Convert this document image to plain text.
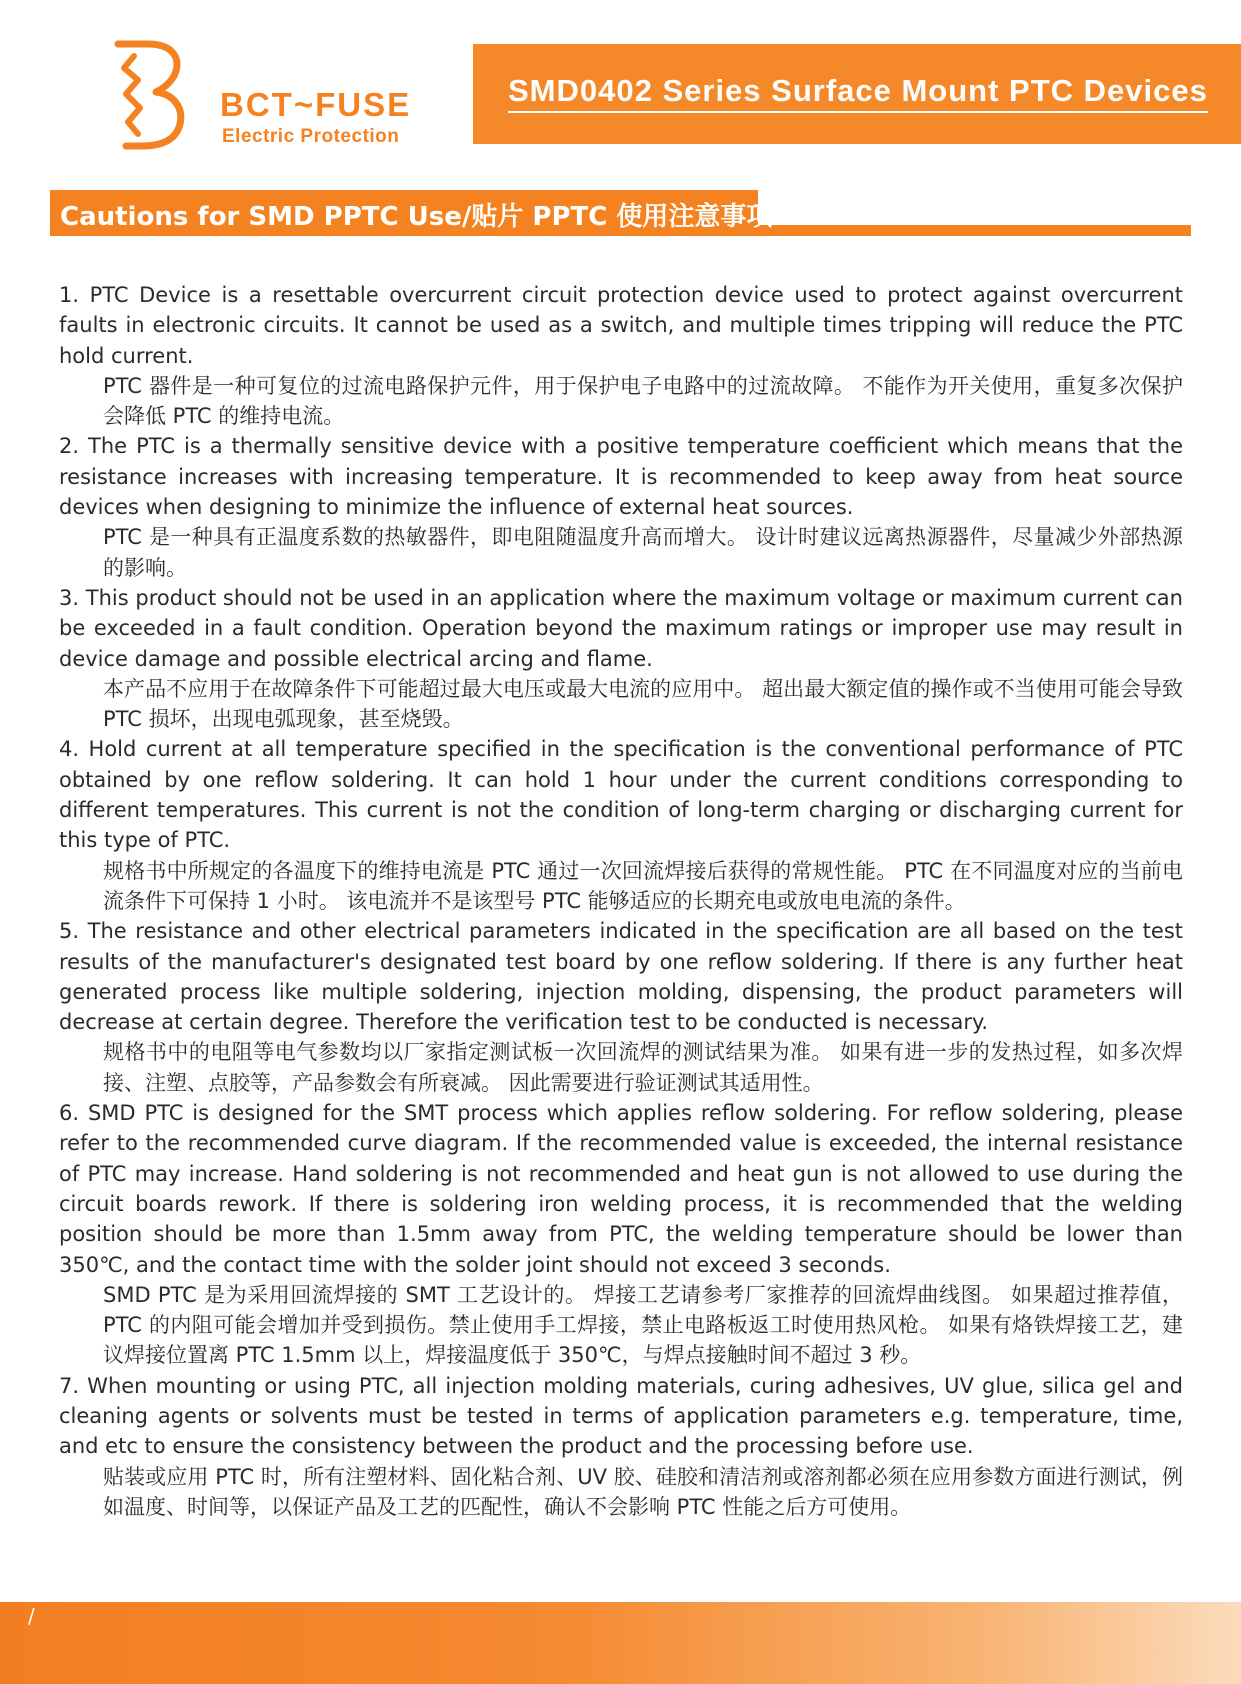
BCT~FUSE
Electric Protection
SMD0402 Series Surface Mount PTC Devices
Cautions for SMD PPTC Use/贴片 PPTC 使用注意事项

1. PTC Device is a resettable overcurrent circuit protection device used to protect against overcurrent faults in electronic circuits. It cannot be used as a switch, and multiple times tripping will reduce the PTC hold current.

PTC 器件是一种可复位的过流电路保护元件，用于保护电子电路中的过流故障。 不能作为开关使用，重复多次保护会降低 PTC 的维持电流。

2. The PTC is a thermally sensitive device with a positive temperature coefficient which means that the resistance increases with increasing temperature. It is recommended to keep away from heat source devices when designing to minimize the influence of external heat sources.

PTC 是一种具有正温度系数的热敏器件，即电阻随温度升高而增大。 设计时建议远离热源器件，尽量减少外部热源的影响。

3. This product should not be used in an application where the maximum voltage or maximum current can be exceeded in a fault condition. Operation beyond the maximum ratings or improper use may result in device damage and possible electrical arcing and flame.

本产品不应用于在故障条件下可能超过最大电压或最大电流的应用中。 超出最大额定值的操作或不当使用可能会导致 PTC 损坏，出现电弧现象，甚至烧毁。

4. Hold current at all temperature specified in the specification is the conventional performance of PTC obtained by one reflow soldering. It can hold 1 hour under the current conditions corresponding to different temperatures. This current is not the condition of long-term charging or discharging current for this type of PTC.

规格书中所规定的各温度下的维持电流是 PTC 通过一次回流焊接后获得的常规性能。 PTC 在不同温度对应的当前电流条件下可保持 1 小时。 该电流并不是该型号 PTC 能够适应的长期充电或放电电流的条件。

5. The resistance and other electrical parameters indicated in the specification are all based on the test results of the manufacturer's designated test board by one reflow soldering. If there is any further heat generated process like multiple soldering, injection molding, dispensing, the product parameters will decrease at certain degree. Therefore the verification test to be conducted is necessary.

规格书中的电阻等电气参数均以厂家指定测试板一次回流焊的测试结果为准。 如果有进一步的发热过程，如多次焊接、注塑、点胶等，产品参数会有所衰减。 因此需要进行验证测试其适用性。

6. SMD PTC is designed for the SMT process which applies reflow soldering. For reflow soldering, please refer to the recommended curve diagram. If the recommended value is exceeded, the internal resistance of PTC may increase. Hand soldering is not recommended and heat gun is not allowed to use during the circuit boards rework. If there is soldering iron welding process, it is recommended that the welding position should be more than 1.5mm away from PTC, the welding temperature should be lower than 350℃, and the contact time with the solder joint should not exceed 3 seconds.

SMD PTC 是为采用回流焊接的 SMT 工艺设计的。 焊接工艺请参考厂家推荐的回流焊曲线图。 如果超过推荐值，PTC 的内阻可能会增加并受到损伤。禁止使用手工焊接，禁止电路板返工时使用热风枪。 如果有烙铁焊接工艺，建议焊接位置离 PTC 1.5mm 以上，焊接温度低于 350℃，与焊点接触时间不超过 3 秒。

7. When mounting or using PTC, all injection molding materials, curing adhesives, UV glue, silica gel and cleaning agents or solvents must be tested in terms of application parameters e.g. temperature, time, and etc to ensure the consistency between the product and the processing before use.

贴装或应用 PTC 时，所有注塑材料、固化粘合剂、UV 胶、硅胶和清洁剂或溶剂都必须在应用参数方面进行测试，例如温度、时间等，以保证产品及工艺的匹配性，确认不会影响 PTC 性能之后方可使用。

/
